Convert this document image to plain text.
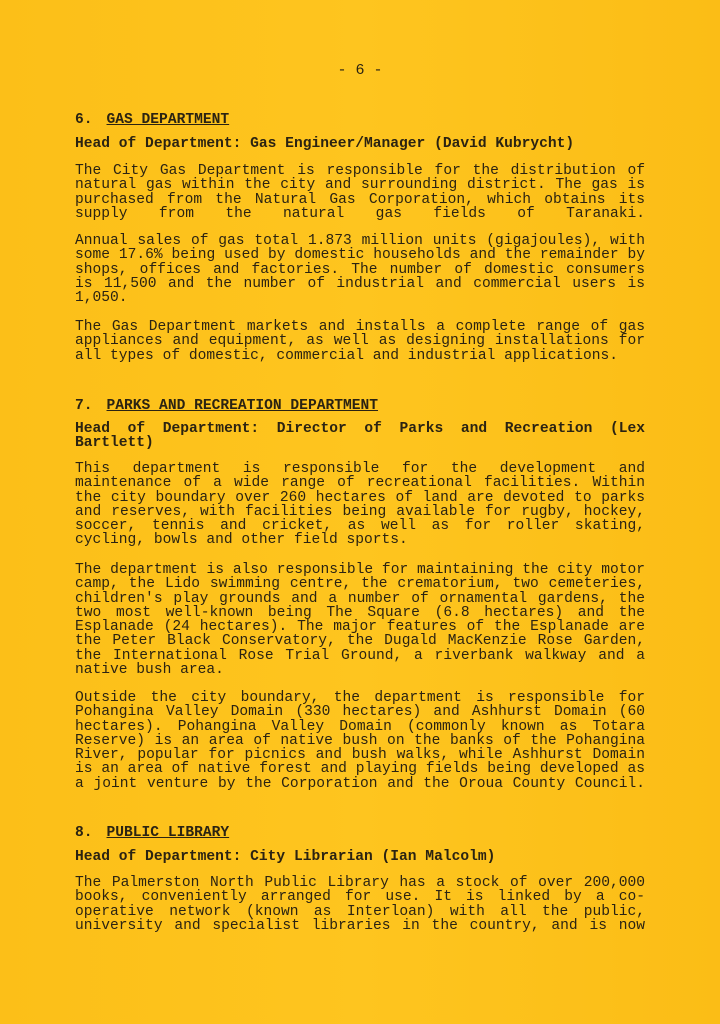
- 6 -
6. GAS DEPARTMENT
Head of Department: Gas Engineer/Manager (David Kubrycht)
The City Gas Department is responsible for the distribution of
natural gas within the city and surrounding district. The gas is
purchased from the Natural Gas Corporation, which obtains its
supply from the natural gas fields of Taranaki.
Annual sales of gas total 1.873 million units (gigajoules), with
some 17.6% being used by domestic households and the remainder by
shops, offices and factories. The number of domestic consumers
is 11,500 and the number of industrial and commercial users is
1,050.
The Gas Department markets and installs a complete range of gas
appliances and equipment, as well as designing installations for
all types of domestic, commercial and industrial applications.
7. PARKS AND RECREATION DEPARTMENT
Head of Department: Director of Parks and Recreation (Lex
Bartlett)
This department is responsible for the development and
maintenance of a wide range of recreational facilities. Within
the city boundary over 260 hectares of land are devoted to parks
and reserves, with facilities being available for rugby, hockey,
soccer, tennis and cricket, as well as for roller skating,
cycling, bowls and other field sports.
The department is also responsible for maintaining the city motor
camp, the Lido swimming centre, the crematorium, two cemeteries,
children's play grounds and a number of ornamental gardens, the
two most well-known being The Square (6.8 hectares) and the
Esplanade (24 hectares). The major features of the Esplanade are
the Peter Black Conservatory, the Dugald MacKenzie Rose Garden,
the International Rose Trial Ground, a riverbank walkway and a
native bush area.
Outside the city boundary, the department is responsible for
Pohangina Valley Domain (330 hectares) and Ashhurst Domain (60
hectares). Pohangina Valley Domain (commonly known as Totara
Reserve) is an area of native bush on the banks of the Pohangina
River, popular for picnics and bush walks, while Ashhurst Domain
is an area of native forest and playing fields being developed as
a joint venture by the Corporation and the Oroua County Council.
8. PUBLIC LIBRARY
Head of Department: City Librarian (Ian Malcolm)
The Palmerston North Public Library has a stock of over 200,000
books, conveniently arranged for use. It is linked by a co-
operative network (known as Interloan) with all the public,
university and specialist libraries in the country, and is now
